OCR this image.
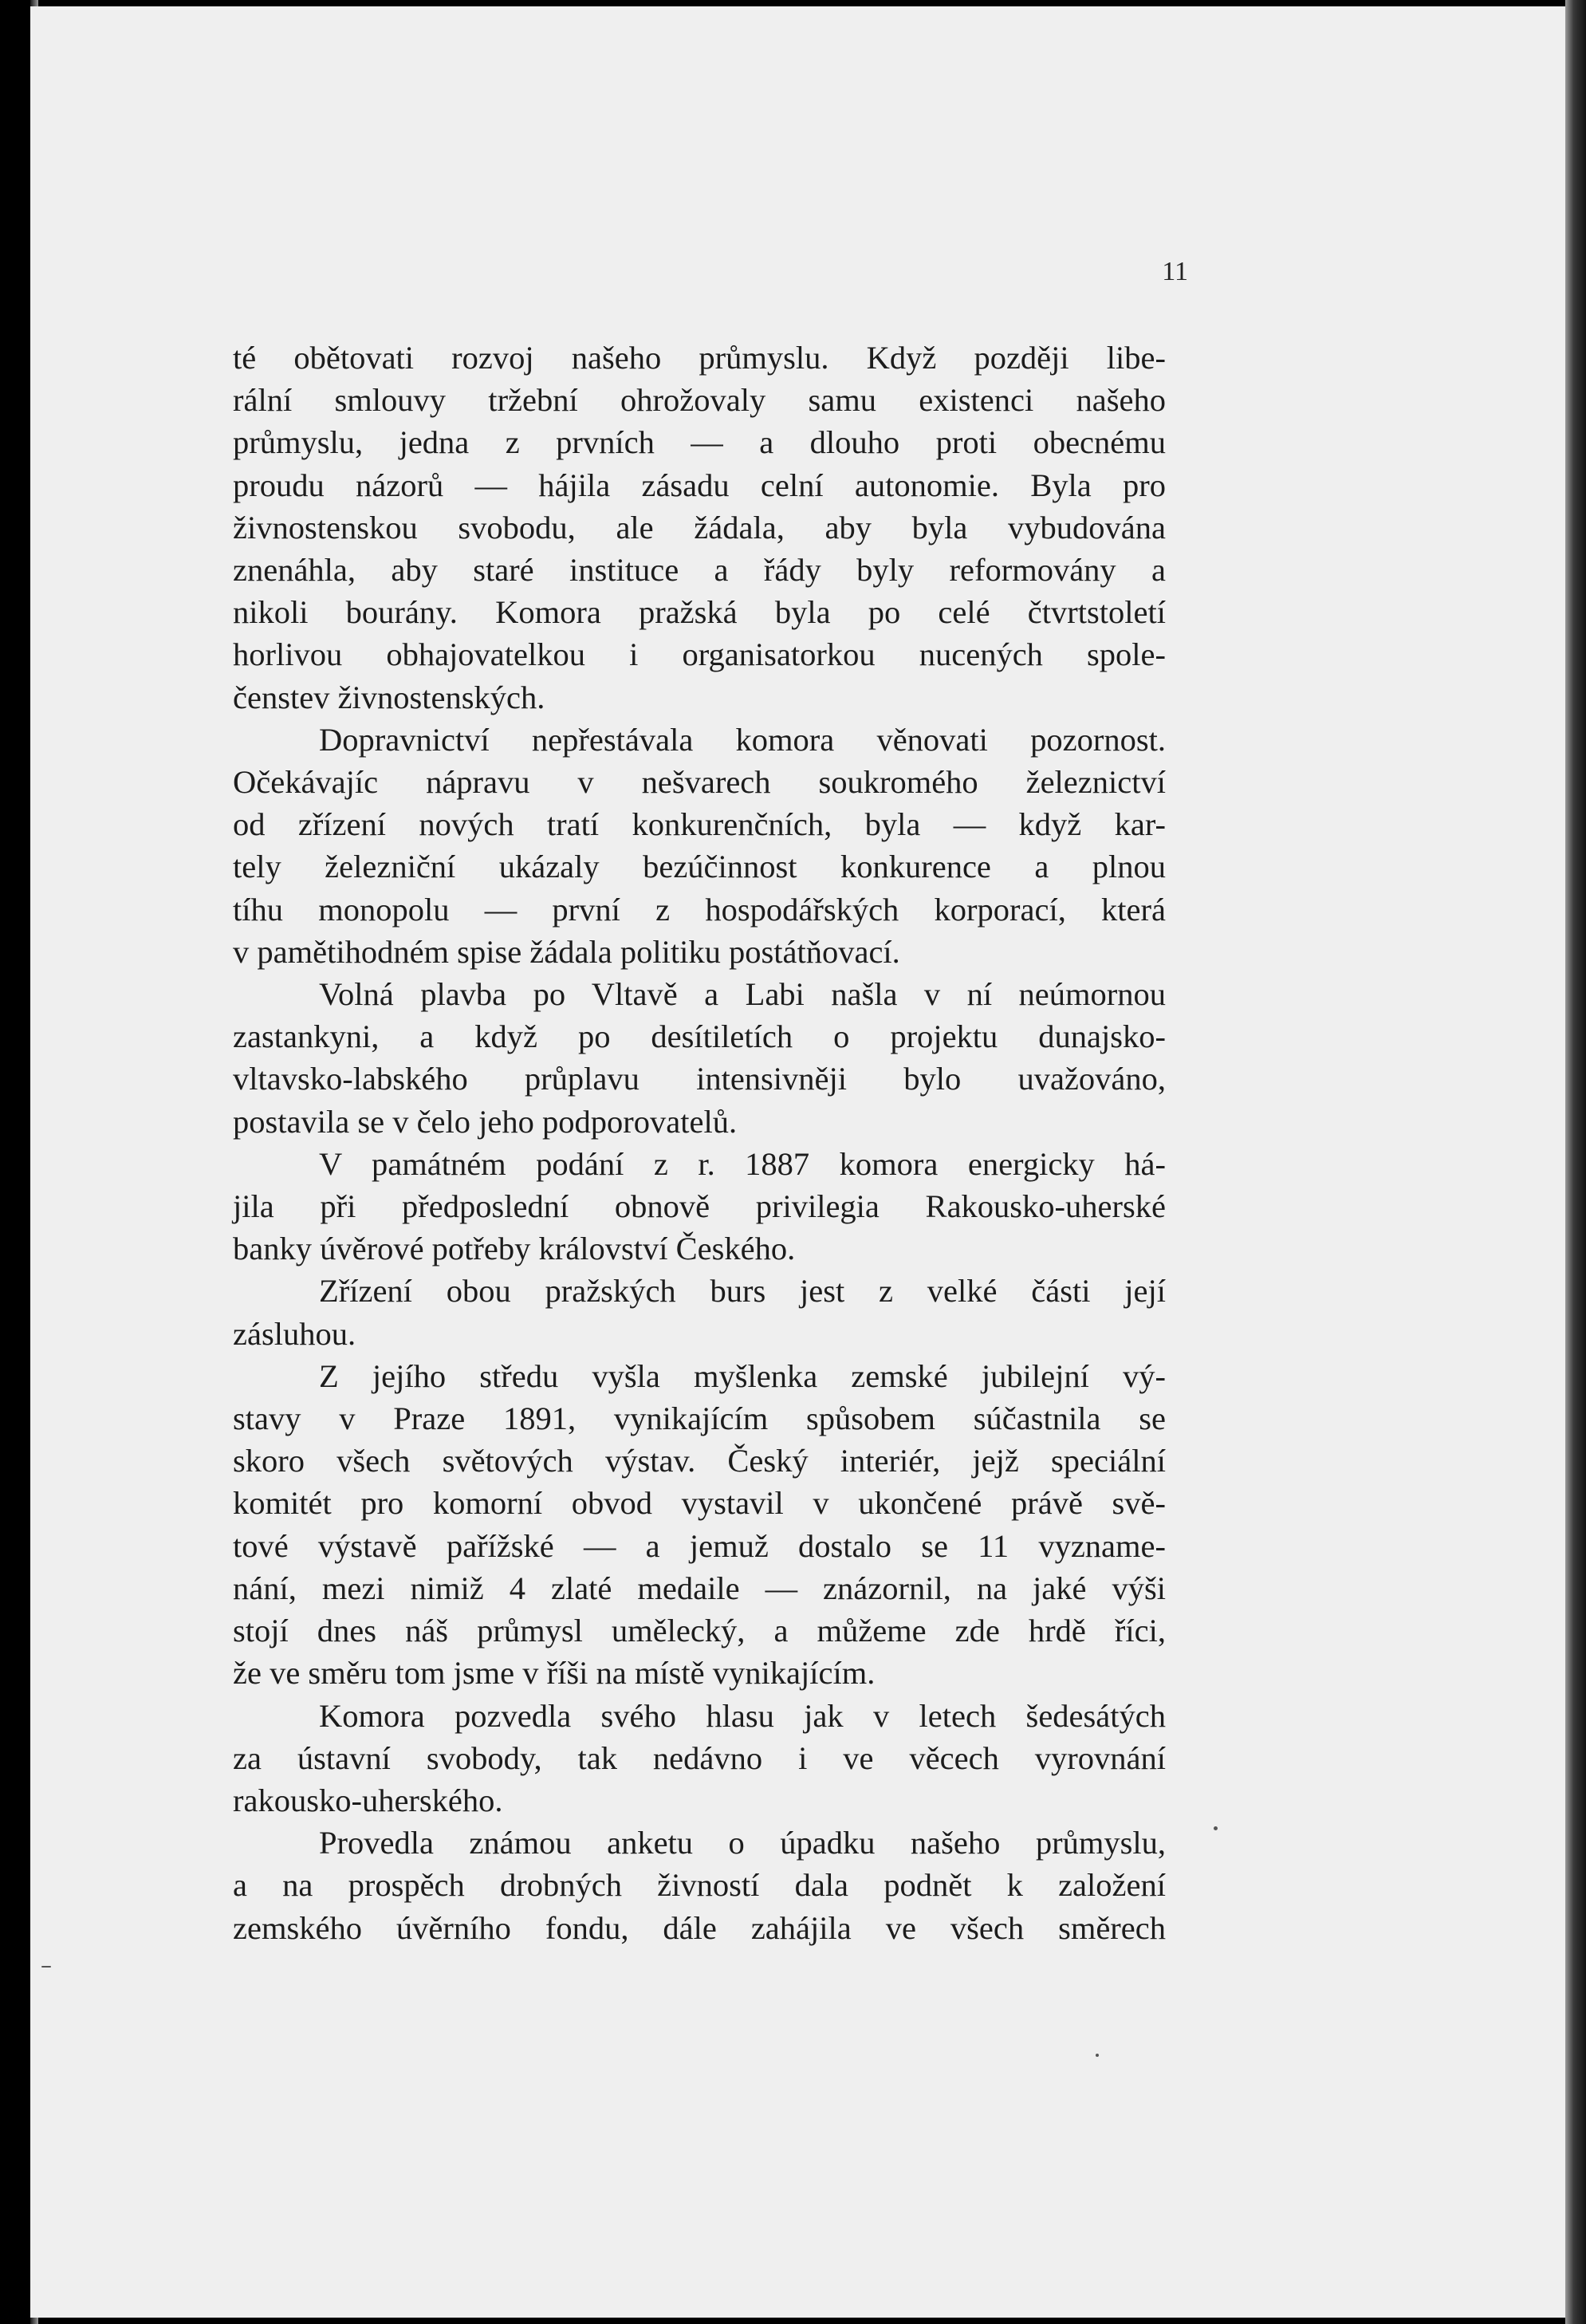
11
té obětovati rozvoj našeho průmyslu. Když později libe-
rální smlouvy tržební ohrožovaly samu existenci našeho
průmyslu, jedna z prvních — a dlouho proti obecnému
proudu názorů — hájila zásadu celní autonomie. Byla pro
živnostenskou svobodu, ale žádala, aby byla vybudována
znenáhla, aby staré instituce a řády byly reformovány a
nikoli bourány. Komora pražská byla po celé čtvrtstoletí
horlivou obhajovatelkou i organisatorkou nucených spole-
čenstev živnostenských.
Dopravnictví nepřestávala komora věnovati pozornost.
Očekávajíc nápravu v nešvarech soukromého železnictví
od zřízení nových tratí konkurenčních, byla — když kar-
tely železniční ukázaly bezúčinnost konkurence a plnou
tíhu monopolu — první z hospodářských korporací, která
v pamětihodném spise žádala politiku postátňovací.
Volná plavba po Vltavě a Labi našla v ní neúmornou
zastankyni, a když po desítiletích o projektu dunajsko-
vltavsko-labského průplavu intensivněji bylo uvažováno,
postavila se v čelo jeho podporovatelů.
V památném podání z r. 1887 komora energicky há-
jila při předposlední obnově privilegia Rakousko-uherské
banky úvěrové potřeby království Českého.
Zřízení obou pražských burs jest z velké části její
zásluhou.
Z jejího středu vyšla myšlenka zemské jubilejní vý-
stavy v Praze 1891, vynikajícím spůsobem súčastnila se
skoro všech světových výstav. Český interiér, jejž speciální
komitét pro komorní obvod vystavil v ukončené právě svě-
tové výstavě pařížské — a jemuž dostalo se 11 vyzname-
nání, mezi nimiž 4 zlaté medaile — znázornil, na jaké výši
stojí dnes náš průmysl umělecký, a můžeme zde hrdě říci,
že ve směru tom jsme v říši na místě vynikajícím.
Komora pozvedla svého hlasu jak v letech šedesátých
za ústavní svobody, tak nedávno i ve věcech vyrovnání
rakousko-uherského.
Provedla známou anketu o úpadku našeho průmyslu,
a na prospěch drobných živností dala podnět k založení
zemského úvěrního fondu, dále zahájila ve všech směrech
